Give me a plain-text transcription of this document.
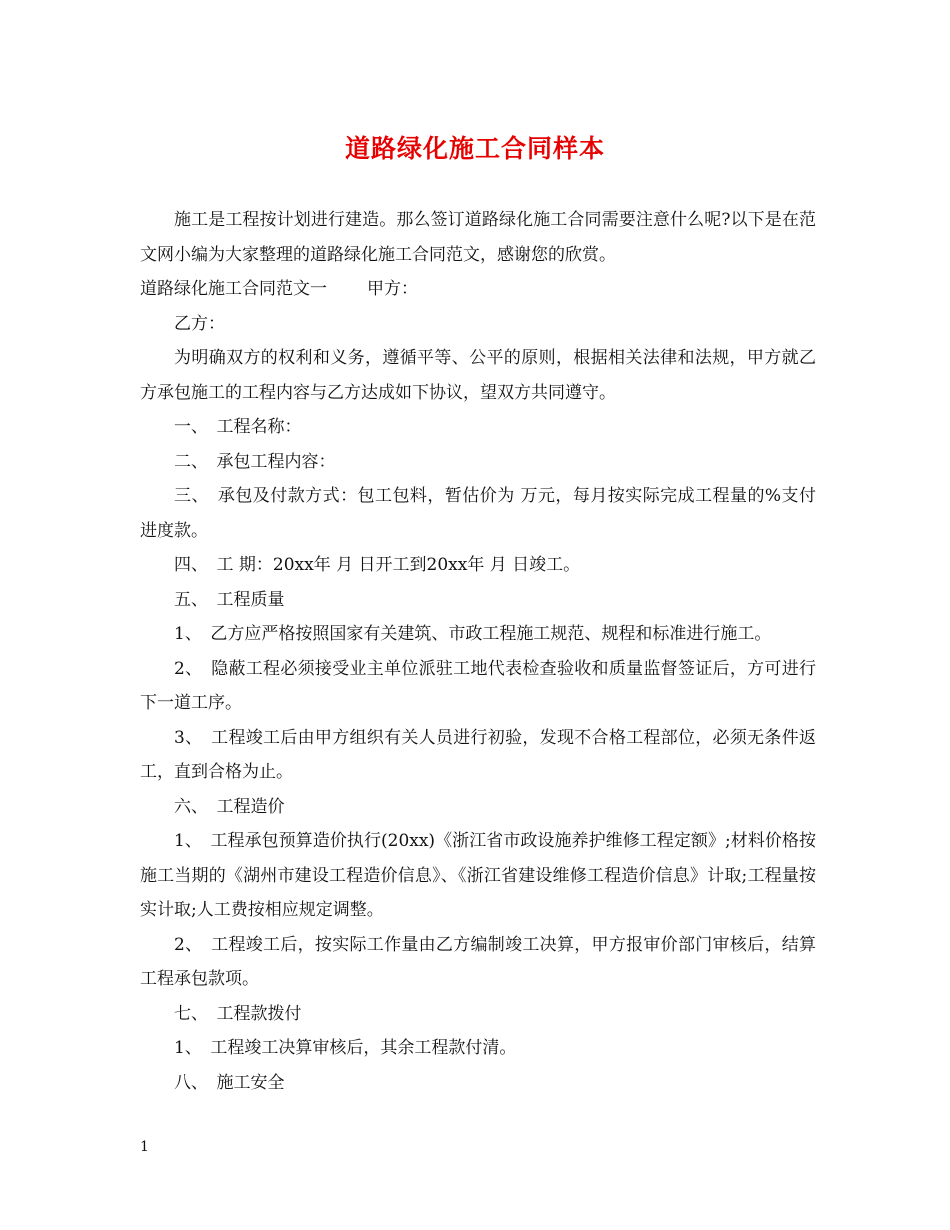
道路绿化施工合同样本

施工是工程按计划进行建造。那么签订道路绿化施工合同需要注意什么呢?以下是在范文网小编为大家整理的道路绿化施工合同范文，感谢您的欣赏。

道路绿化施工合同范文一 甲方：

乙方：

为明确双方的权利和义务，遵循平等、公平的原则，根据相关法律和法规，甲方就乙方承包施工的工程内容与乙方达成如下协议，望双方共同遵守。

一、　工程名称：

二、　承包工程内容：

三、　承包及付款方式：包工包料，暂估价为 万元，每月按实际完成工程量的%支付进度款。

四、　工 期：20xx年 月 日开工到20xx年 月 日竣工。

五、　工程质量

1、　乙方应严格按照国家有关建筑、市政工程施工规范、规程和标准进行施工。

2、　隐蔽工程必须接受业主单位派驻工地代表检查验收和质量监督签证后，方可进行下一道工序。

3、　工程竣工后由甲方组织有关人员进行初验，发现不合格工程部位，必须无条件返工，直到合格为止。

六、　工程造价

1、　工程承包预算造价执行(20xx)《浙江省市政设施养护维修工程定额》;材料价格按施工当期的《湖州市建设工程造价信息》、《浙江省建设维修工程造价信息》计取;工程量按实计取;人工费按相应规定调整。

2、　工程竣工后，按实际工作量由乙方编制竣工决算，甲方报审价部门审核后，结算工程承包款项。

七、　工程款拨付

1、　工程竣工决算审核后，其余工程款付清。

八、　施工安全

1
